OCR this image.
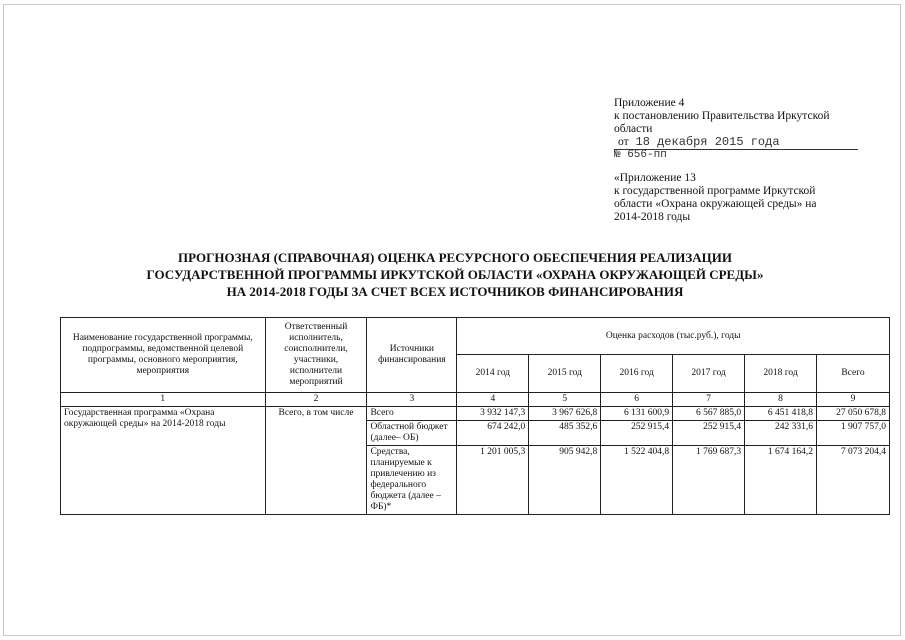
Приложение 4
к постановлению Правительства Иркутской
области
от 18 декабря 2015 года
№ 656-пп
«Приложение 13
к государственной программе Иркутской
области «Охрана окружающей среды» на
2014-2018 годы
ПРОГНОЗНАЯ (СПРАВОЧНАЯ) ОЦЕНКА РЕСУРСНОГО ОБЕСПЕЧЕНИЯ РЕАЛИЗАЦИИ
ГОСУДАРСТВЕННОЙ ПРОГРАММЫ ИРКУТСКОЙ ОБЛАСТИ «ОХРАНА ОКРУЖАЮЩЕЙ СРЕДЫ»
НА 2014-2018 ГОДЫ ЗА СЧЕТ ВСЕХ ИСТОЧНИКОВ ФИНАНСИРОВАНИЯ
Наименование государственной программы, подпрограммы, ведомственной целевой программы, основного мероприятия, мероприятия	Ответственный исполнитель, соисполнители, участники, исполнители мероприятий	Источники финансирования	Оценка расходов (тыс.руб.), годы					
			2014 год	2015 год	2016 год	2017 год	2018 год	Всего
1	2	3	4	5	6	7	8	9
Государственная программа «Охрана окружающей среды» на 2014-2018 годы	Всего, в том числе	Всего	3 932 147,3	3 967 626,8	6 131 600,9	6 567 885,0	6 451 418,8	27 050 678,8
		Областной бюджет (далее– ОБ)	674 242,0	485 352,6	252 915,4	252 915,4	242 331,6	1 907 757,0
		Средства, планируемые к привлечению из федерального бюджета (далее – ФБ)*	1 201 005,3	905 942,8	1 522 404,8	1 769 687,3	1 674 164,2	7 073 204,4
